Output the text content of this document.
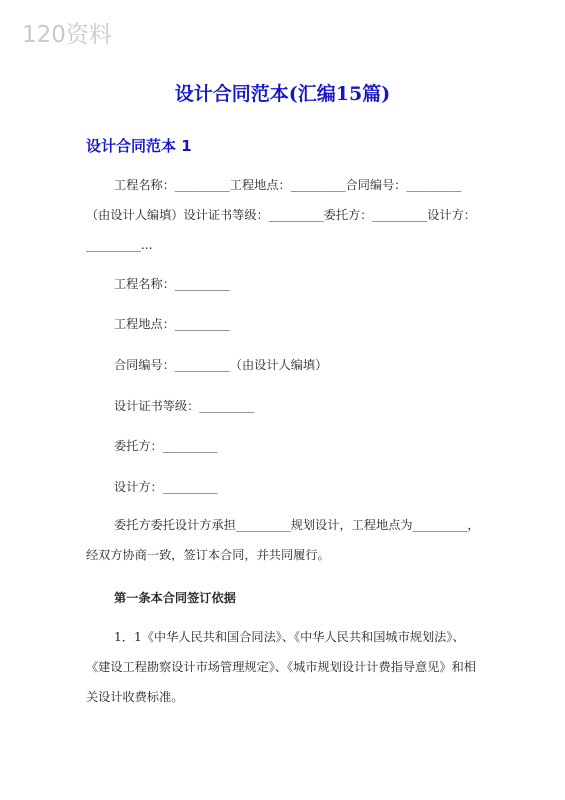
120资料
设计合同范本(汇编15篇)
设计合同范本 1

工程名称：_________工程地点：_________合同编号：_________（由设计人编填）设计证书等级：_________委托方：_________设计方：_________...

工程名称：_________
工程地点：_________
合同编号：_________（由设计人编填）
设计证书等级：_________
委托方：_________
设计方：_________

委托方委托设计方承担_________规划设计，工程地点为_________，经双方协商一致，签订本合同，并共同履行。

第一条本合同签订依据

1．1《中华人民共和国合同法》、《中华人民共和国城市规划法》、《建设工程勘察设计市场管理规定》、《城市规划设计计费指导意见》和相关设计收费标准。
